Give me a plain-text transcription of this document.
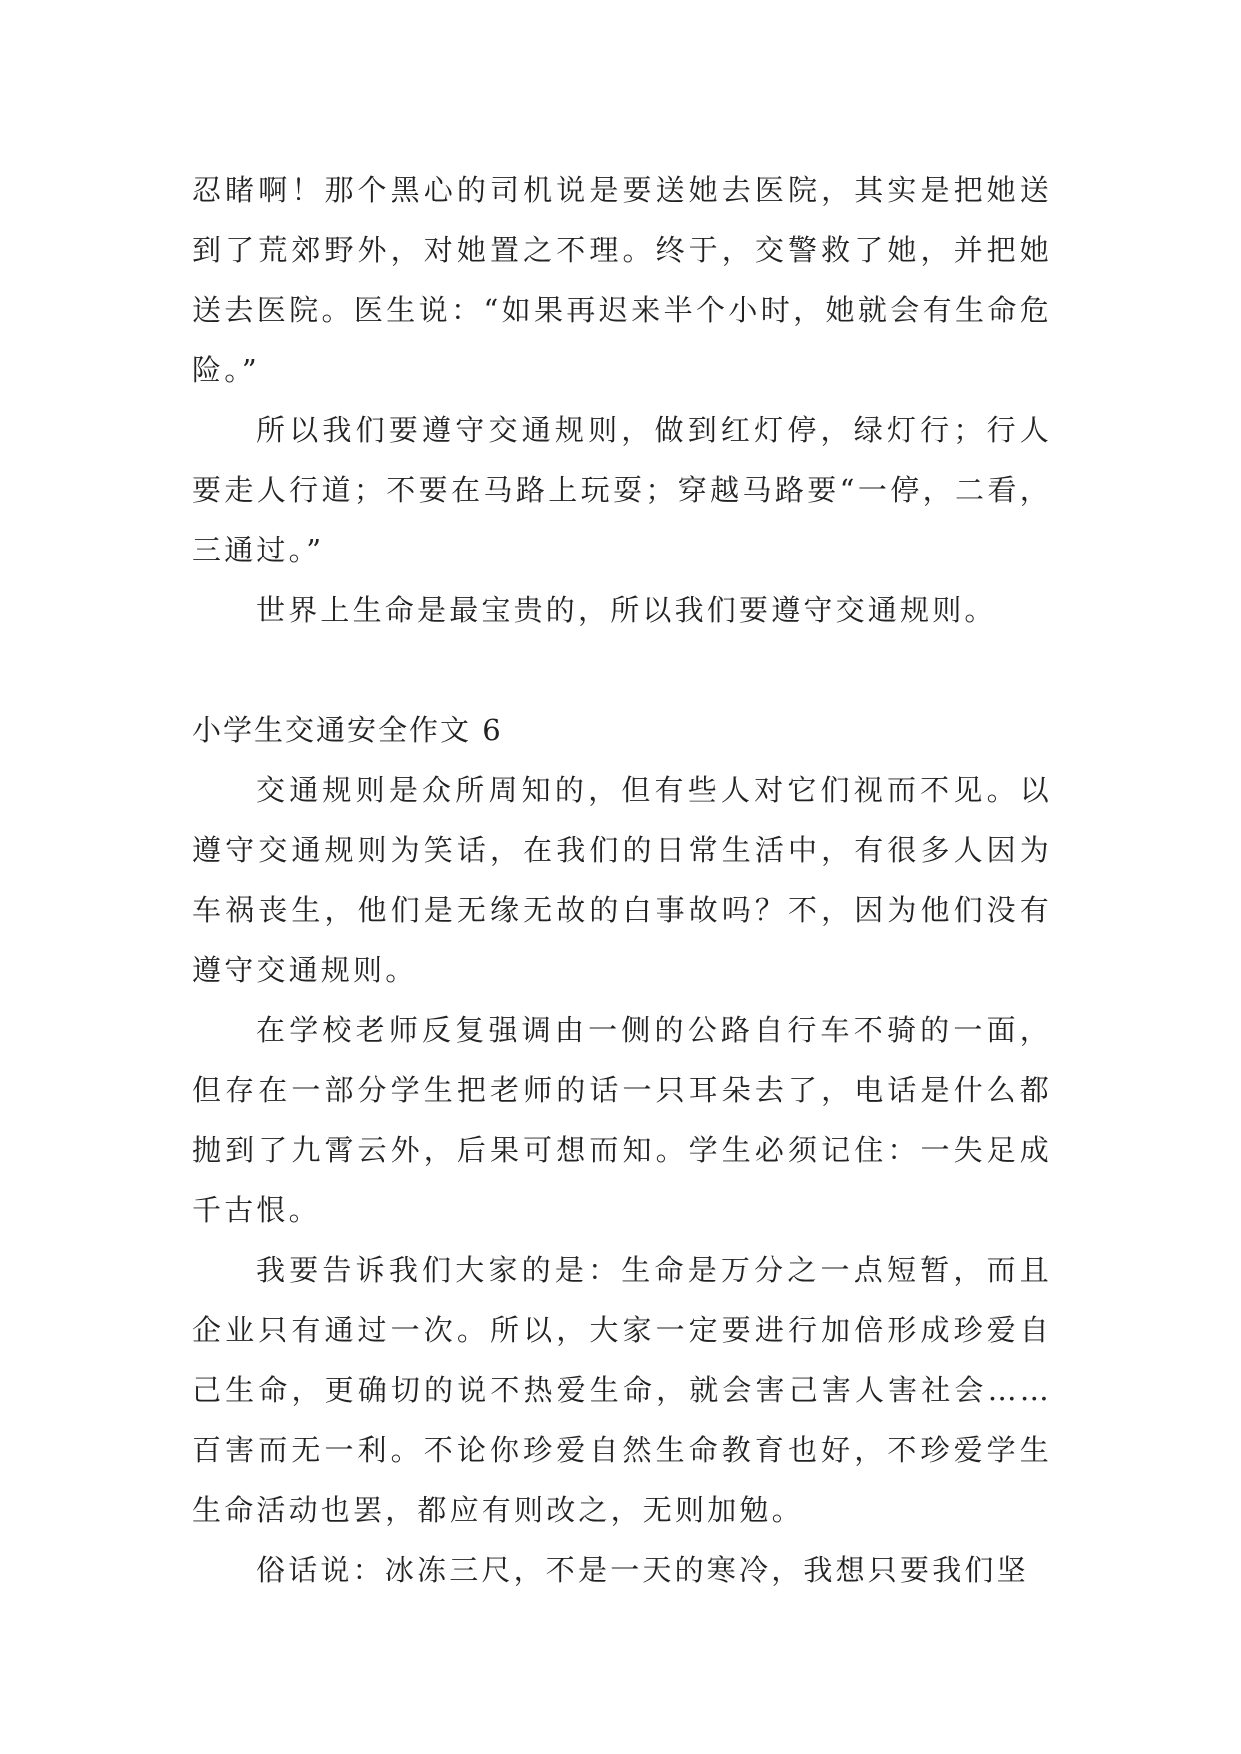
忍睹啊！那个黑心的司机说是要送她去医院，其实是把她送到了荒郊野外，对她置之不理。终于，交警救了她，并把她送去医院。医生说：“如果再迟来半个小时，她就会有生命危险。”

所以我们要遵守交通规则，做到红灯停，绿灯行；行人要走人行道；不要在马路上玩耍；穿越马路要“一停，二看，三通过。”

世界上生命是最宝贵的，所以我们要遵守交通规则。

小学生交通安全作文 6

交通规则是众所周知的，但有些人对它们视而不见。以遵守交通规则为笑话，在我们的日常生活中，有很多人因为车祸丧生，他们是无缘无故的白事故吗？不，因为他们没有遵守交通规则。

在学校老师反复强调由一侧的公路自行车不骑的一面，但存在一部分学生把老师的话一只耳朵去了，电话是什么都抛到了九霄云外，后果可想而知。学生必须记住：一失足成千古恨。

我要告诉我们大家的是：生命是万分之一点短暂，而且企业只有通过一次。所以，大家一定要进行加倍形成珍爱自己生命，更确切的说不热爱生命，就会害己害人害社会……百害而无一利。不论你珍爱自然生命教育也好，不珍爱学生生命活动也罢，都应有则改之，无则加勉。

俗话说：冰冻三尺，不是一天的寒冷，我想只要我们坚
